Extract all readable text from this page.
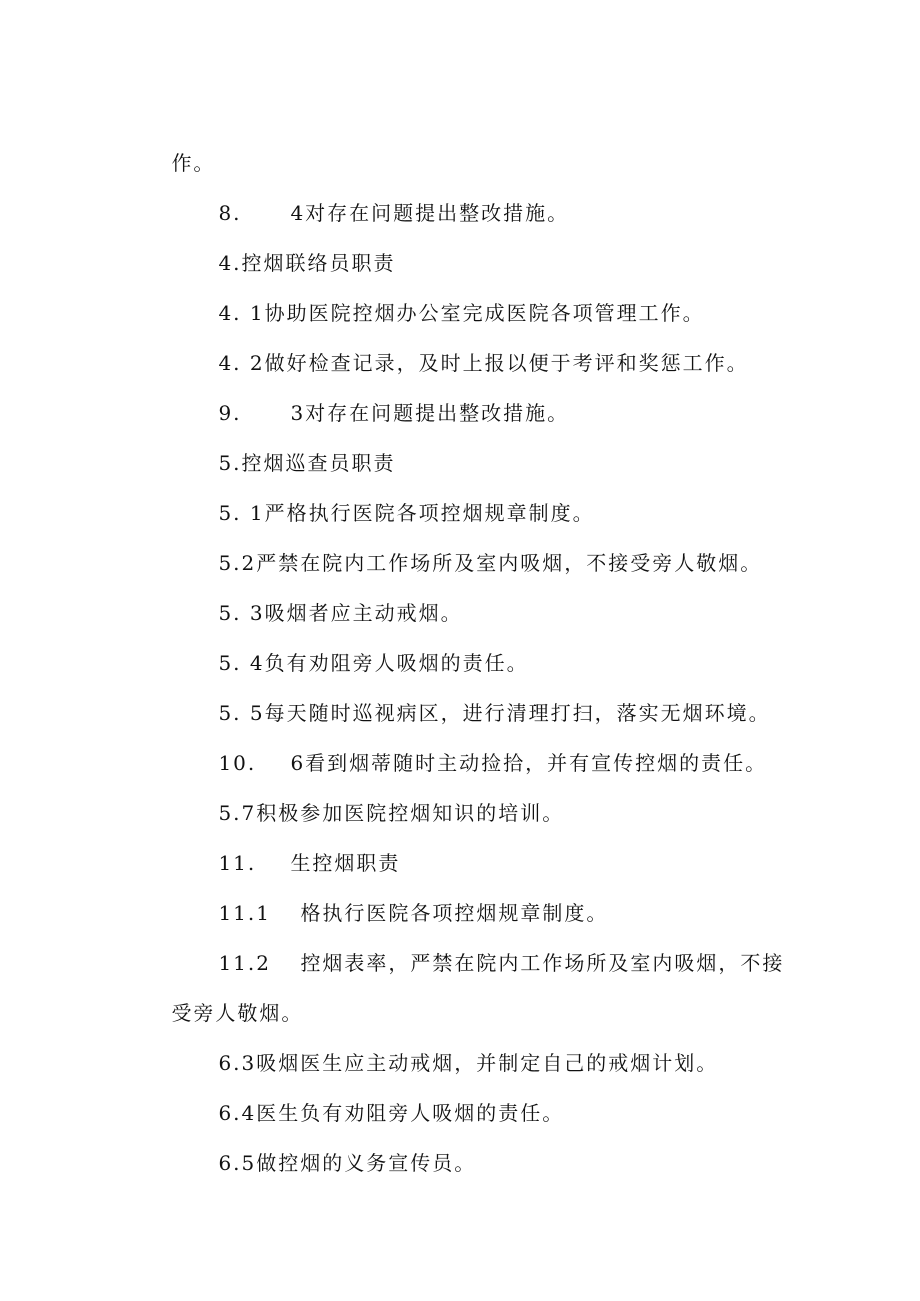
作。

8. 4对存在问题提出整改措施。

4.控烟联络员职责

4. 1协助医院控烟办公室完成医院各项管理工作。

4. 2做好检查记录，及时上报以便于考评和奖惩工作。

9. 3对存在问题提出整改措施。

5.控烟巡查员职责

5. 1严格执行医院各项控烟规章制度。

5.2严禁在院内工作场所及室内吸烟，不接受旁人敬烟。

5. 3吸烟者应主动戒烟。

5. 4负有劝阻旁人吸烟的责任。

5. 5每天随时巡视病区，进行清理打扫，落实无烟环境。

10. 6看到烟蒂随时主动捡拾，并有宣传控烟的责任。

5.7积极参加医院控烟知识的培训。

11. 生控烟职责

11.1 格执行医院各项控烟规章制度。

11.2 控烟表率，严禁在院内工作场所及室内吸烟，不接

受旁人敬烟。

6.3吸烟医生应主动戒烟，并制定自己的戒烟计划。

6.4医生负有劝阻旁人吸烟的责任。

6.5做控烟的义务宣传员。
